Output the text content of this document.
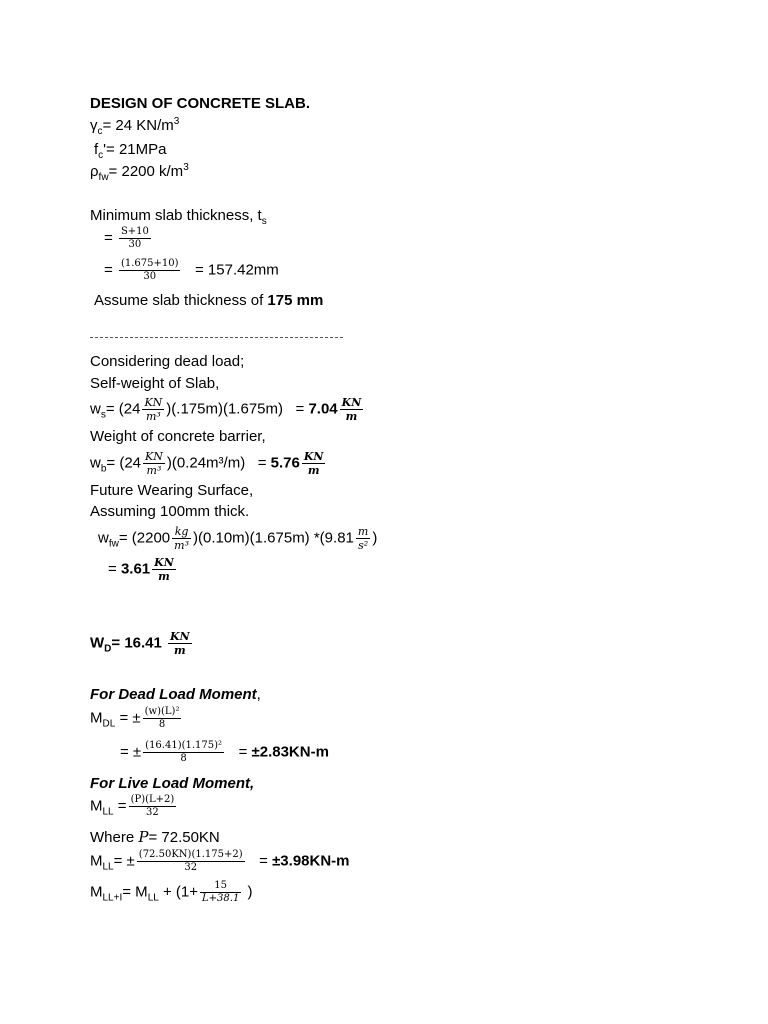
DESIGN OF CONCRETE SLAB.
$\gamma_c= 24$ $KN/m^3$
$f_c'= 21MPa$
$\rho_{fw}= 2200$ $k/m^3$
Minimum slab thickness, $t_s$
= $\frac{S+10}{30}$
= $\frac{(1.675+10)}{30} = 157.42mm$
Assume slab thickness of 175 mm
Considering dead load;
Self-weight of Slab,
$w_s= (24 \frac{KN}{\text{m³}} )(.175m)(1.675m) = 7.04 \frac{KN}{m}$
Weight of concrete barrier,
$w_b= (24 \frac{KN}{\text{m³}} )(0.24m^3/m) = 5.76 \frac{KN}{m}$
Future Wearing Surface,
Assuming 100mm thick.
$w_{fw}= (2200 \frac{kg}{\text{m³}} )(0.10m)(1.675m)$ $*(9.81 \frac{m}{\text{s²}}$ )
= $3.61 \frac{KN}{m}$
$W_D= 16.41 \frac{KN}{m}$
For Dead Load Moment,
$M_{DL}$ = ± $\frac{\text{(w)(L)²}}{8}$
= ± $\frac{\text{(16.41)(1.175)²}}{8} = \pm 2.83KN-m$
For Live Load Moment,
$M_{LL} = \frac{(P)(L+2)}{32}$
Where P= 72.50KN
$M_{LL}= \pm \frac{(72.50KN)(1.175+2)}{32} = \pm 3.98KN-m$
$M_{LL+I}= M_{LL} + (1+ \frac{15}{L+38.1}$ )
